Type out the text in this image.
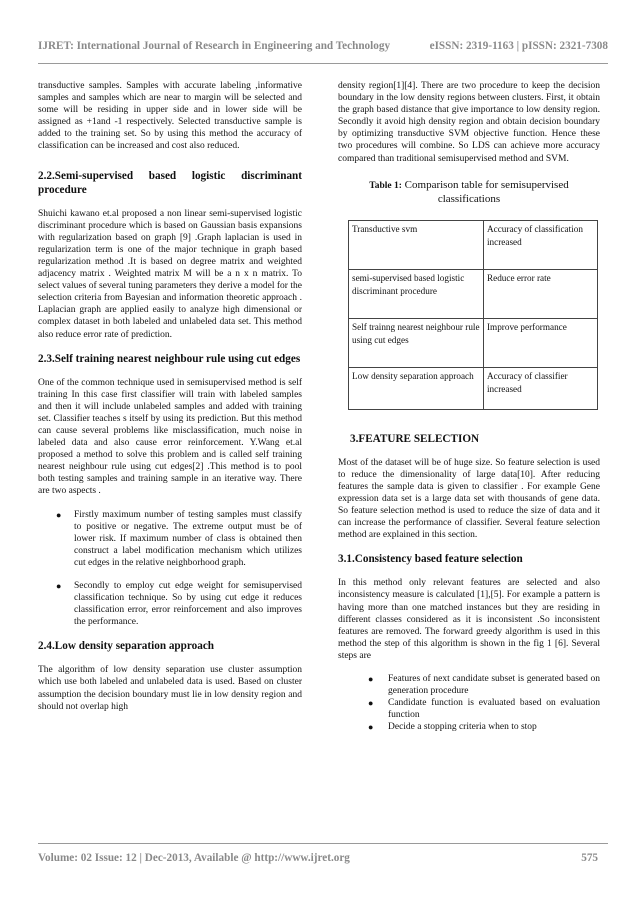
IJRET: International Journal of Research in Engineering and Technology	eISSN: 2319-1163 | pISSN: 2321-7308

transductive samples. Samples with accurate labeling ,informative samples and samples which are near to margin will be selected and some will be residing in upper side and in lower side will be assigned as +1and -1 respectively. Selected transductive sample is added to the training set. So by using this method the accuracy of classification can be increased and cost also reduced.

2.2.Semi-supervised based logistic discriminant procedure

Shuichi kawano et.al proposed a non linear semi-supervised logistic discriminant procedure which is based on Gaussian basis expansions with regularization based on graph [9] .Graph laplacian is used in regularization term is one of the major technique in graph based regularization method .It is based on degree matrix and weighted adjacency matrix . Weighted matrix M will be a n x n matrix. To select values of several tuning parameters they derive a model for the selection criteria from Bayesian and information theoretic approach . Laplacian graph are applied easily to analyze high dimensional or complex dataset in both labeled and unlabeled data set. This method also reduce error rate of prediction.

2.3.Self training nearest neighbour rule using cut edges

One of the common technique used in semisupervised method is self training In this case first classifier will train with labeled samples and then it will include unlabeled samples and added with training set. Classifier teaches s itself by using its prediction. But this method can cause several problems like misclassification, much noise in labeled data and also cause error reinforcement. Y.Wang et.al proposed a method to solve this problem and is called self training nearest neighbour rule using cut edges[2] .This method is to pool both testing samples and training sample in an iterative way. There are two aspects .

● Firstly maximum number of testing samples must classify to positive or negative. The extreme output must be of lower risk. If maximum number of class is obtained then construct a label modification mechanism which utilizes cut edges in the relative neighborhood graph.
● Secondly to employ cut edge weight for semisupervised classification technique. So by using cut edge it reduces classification error, error reinforcement and also improves the performance.
2.4.Low density separation approach

The algorithm of low density separation use cluster assumption which use both labeled and unlabeled data is used. Based on cluster assumption the decision boundary must lie in low density region and should not overlap high

density region[1][4]. There are two procedure to keep the decision boundary in the low density regions between clusters. First, it obtain the graph based distance that give importance to low density region. Secondly it avoid high density region and obtain decision boundary by optimizing transductive SVM objective function. Hence these two procedures will combine. So LDS can achieve more accuracy compared than traditional semisupervised method and SVM.

Table 1: Comparison table for semisupervised classifications
Transductive svm	Accuracy of classification increased
semi-supervised based logistic discriminant procedure	Reduce error rate
Self trainng nearest neighbour rule using cut edges	Improve performance
Low density separation approach	Accuracy of classifier increased
3.FEATURE SELECTION

Most of the dataset will be of huge size. So feature selection is used to reduce the dimensionality of large data[10]. After reducing features the sample data is given to classifier . For example Gene expression data set is a large data set with thousands of gene data. So feature selection method is used to reduce the size of data and it can increase the performance of classifier. Several feature selection method are explained in this section.

3.1.Consistency based feature selection

In this method only relevant features are selected and also inconsistency measure is calculated [1],[5]. For example a pattern is having more than one matched instances but they are residing in different classes considered as it is inconsistent .So inconsistent features are removed. The forward greedy algorithm is used in this method the step of this algorithm is shown in the fig 1 [6]. Several steps are

● Features of next candidate subset is generated based on generation procedure
● Candidate function is evaluated based on evaluation function
● Decide a stopping criteria when to stop
Volume: 02 Issue: 12 | Dec-2013, Available @ http://www.ijret.org	575
